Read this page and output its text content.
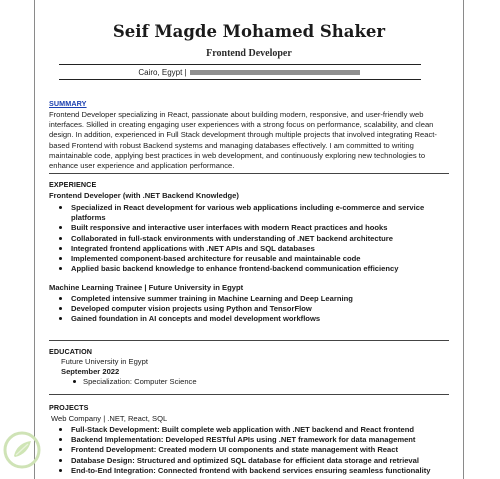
Seif Magde Mohamed Shaker
Frontend Developer
Cairo, Egypt |
SUMMARY
Frontend Developer specializing in React, passionate about building modern, responsive, and user-friendly web interfaces. Skilled in creating engaging user experiences with a strong focus on performance, scalability, and clean design. In addition, experienced in Full Stack development through multiple projects that involved integrating React-based Frontend with robust Backend systems and managing databases effectively. I am committed to writing maintainable code, applying best practices in web development, and continuously exploring new technologies to enhance user experience and application performance.
EXPERIENCE
Frontend Developer (with .NET Backend Knowledge)
Specialized in React development for various web applications including e-commerce and service platforms
Built responsive and interactive user interfaces with modern React practices and hooks
Collaborated in full-stack environments with understanding of .NET backend architecture
Integrated frontend applications with .NET APIs and SQL databases
Implemented component-based architecture for reusable and maintainable code
Applied basic backend knowledge to enhance frontend-backend communication efficiency
Machine Learning Trainee | Future University in Egypt
Completed intensive summer training in Machine Learning and Deep Learning
Developed computer vision projects using Python and TensorFlow
Gained foundation in AI concepts and model development workflows
EDUCATION
Future University in Egypt
September 2022
Specialization: Computer Science
PROJECTS
Web Company | .NET, React, SQL
Full-Stack Development: Built complete web application with .NET backend and React frontend
Backend Implementation: Developed RESTful APIs using .NET framework for data management
Frontend Development: Created modern UI components and state management with React
Database Design: Structured and optimized SQL database for efficient data storage and retrieval
End-to-End Integration: Connected frontend with backend services ensuring seamless functionality
